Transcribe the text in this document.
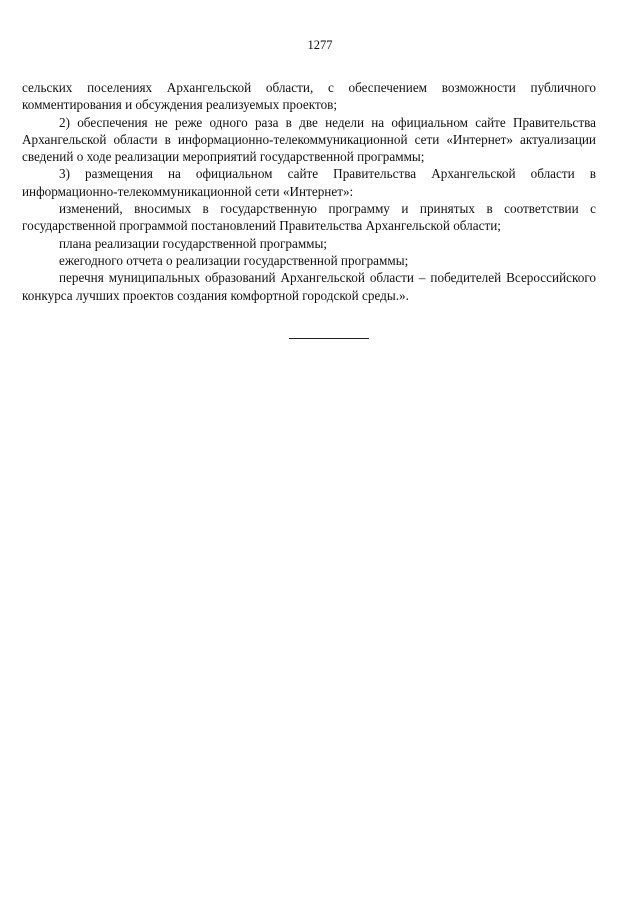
1277

сельских поселениях Архангельской области, с обеспечением возможности публичного комментирования и обсуждения реализуемых проектов;

2) обеспечения не реже одного раза в две недели на официальном сайте Правительства Архангельской области в информационно-телекоммуникационной сети «Интернет» актуализации сведений о ходе реализации мероприятий государственной программы;

3) размещения на официальном сайте Правительства Архангельской области в информационно-телекоммуникационной сети «Интернет»:

изменений, вносимых в государственную программу и принятых в соответствии с государственной программой постановлений Правительства Архангельской области;

плана реализации государственной программы;

ежегодного отчета о реализации государственной программы;

перечня муниципальных образований Архангельской области – победителей Всероссийского конкурса лучших проектов создания комфортной городской среды.».
